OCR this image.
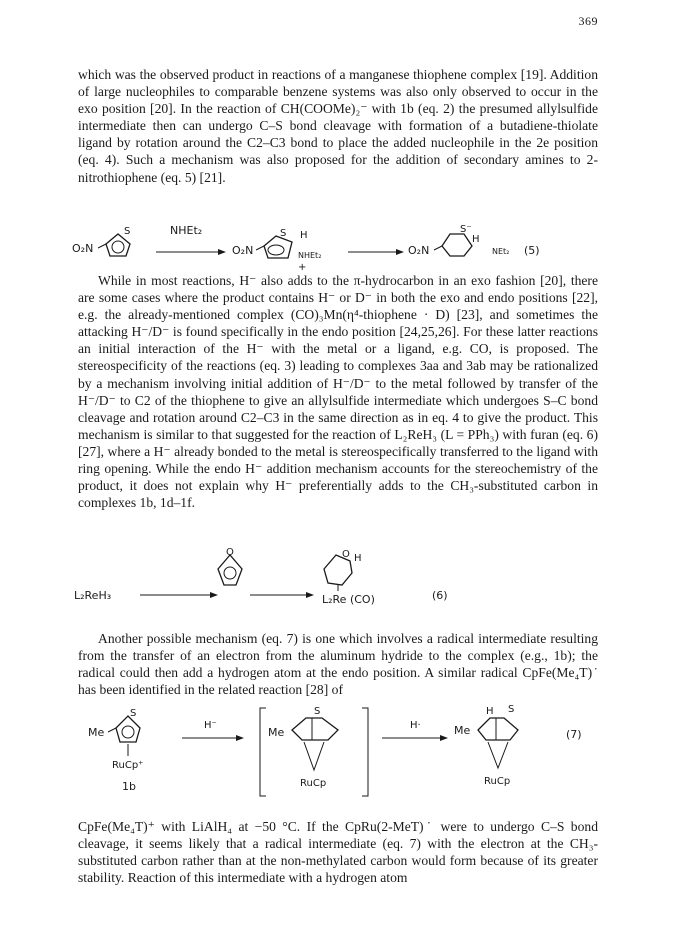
369

which was the observed product in reactions of a manganese thiophene complex [19]. Addition of large nucleophiles to comparable benzene systems was also only observed to occur in the exo position [20]. In the reaction of CH(COOMe)₂⁻ with 1b (eq. 2) the presumed allylsulfide intermediate then can undergo C–S bond cleavage with formation of a butadiene-thiolate ligand by rotation around the C2–C3 bond to place the added nucleophile in the 2e position (eq. 4). Such a mechanism was also proposed for the addition of secondary amines to 2-nitrothiophene (eq. 5) [21].

O₂N
S	NHEt₂
O₂N
S H
NHEt₂
+
O₂N
S⁻
H
NEt₂ (5)

While in most reactions, H⁻ also adds to the π-hydrocarbon in an exo fashion [20], there are some cases where the product contains H⁻ or D⁻ in both the exo and endo positions [22], e.g. the already-mentioned complex (CO)₃Mn(η⁴-thiophene · D) [23], and sometimes the attacking H⁻/D⁻ is found specifically in the endo position [24,25,26]. For these latter reactions an initial interaction of the H⁻ with the metal or a ligand, e.g. CO, is proposed. The stereospecificity of the reactions (eq. 3) leading to complexes 3aa and 3ab may be rationalized by a mechanism involving initial addition of H⁻/D⁻ to the metal followed by transfer of the H⁻/D⁻ to C2 of the thiophene to give an allylsulfide intermediate which undergoes S–C bond cleavage and rotation around C2–C3 in the same direction as in eq. 4 to give the product. This mechanism is similar to that suggested for the reaction of L₂ReH₃ (L = PPh₃) with furan (eq. 6) [27], where a H⁻ already bonded to the metal is stereospecifically transferred to the ligand with ring opening. While the endo H⁻ addition mechanism accounts for the stereochemistry of the product, it does not explain why H⁻ preferentially adds to the CH₃-substituted carbon in complexes 1b, 1d–1f.

O
L₂ReH₃
O H
L₂Re (CO)	(6)

Another possible mechanism (eq. 7) is one which involves a radical intermediate resulting from the transfer of an electron from the aluminum hydride to the complex (e.g., 1b); the radical could then add a hydrogen atom at the endo position. A similar radical CpFe(Me₄T)˙ has been identified in the related reaction [28] of

Me
S
RuCp⁺
1b
H⁻
Me
S
RuCp
H·	Me
H S
RuCp
(7)

CpFe(Me₄T)⁺ with LiAlH₄ at −50 °C. If the CpRu(2-MeT)˙ were to undergo C–S bond cleavage, it seems likely that a radical intermediate (eq. 7) with the electron at the CH₃-substituted carbon rather than at the non-methylated carbon would form because of its greater stability. Reaction of this intermediate with a hydrogen atom
